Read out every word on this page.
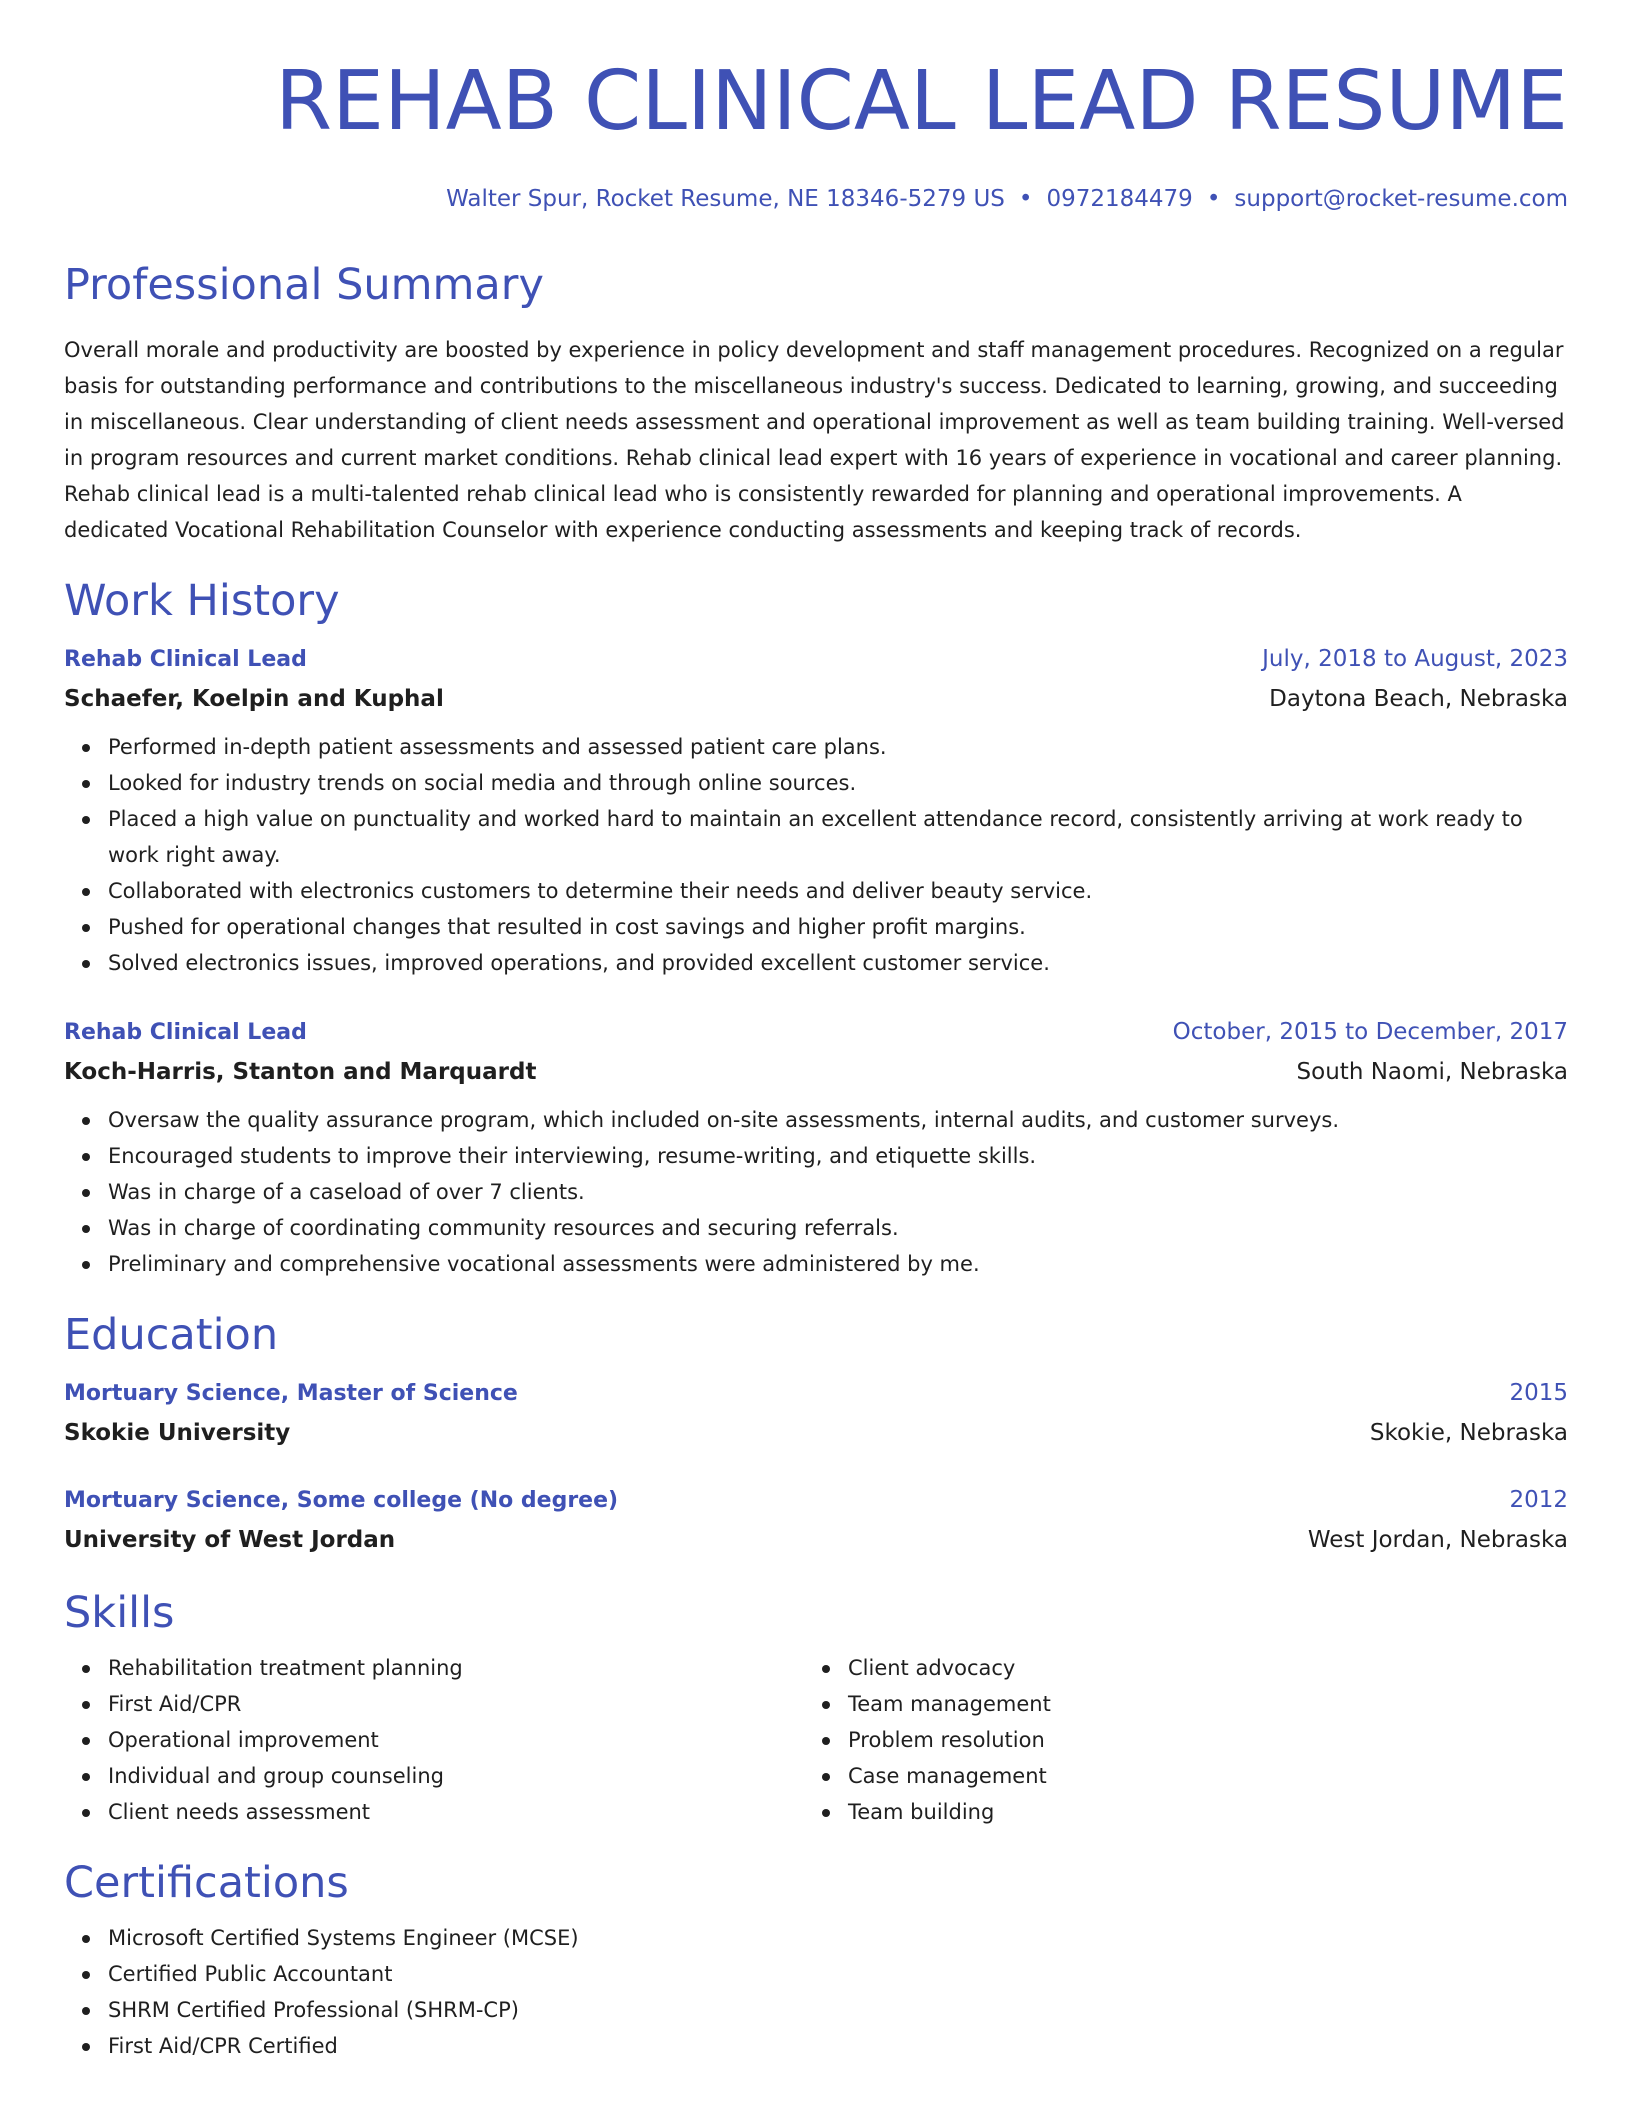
REHAB CLINICAL LEAD RESUME
Walter Spur, Rocket Resume, NE 18346-5279 US • 0972184479 • support@rocket-resume.com
Professional Summary
Overall morale and productivity are boosted by experience in policy development and staff management procedures. Recognized on a regular basis for outstanding performance and contributions to the miscellaneous industry's success. Dedicated to learning, growing, and succeeding in miscellaneous. Clear understanding of client needs assessment and operational improvement as well as team building training. Well-versed in program resources and current market conditions. Rehab clinical lead expert with 16 years of experience in vocational and career planning. Rehab clinical lead is a multi-talented rehab clinical lead who is consistently rewarded for planning and operational improvements. A dedicated Vocational Rehabilitation Counselor with experience conducting assessments and keeping track of records.
Work History
Rehab Clinical Lead	July, 2018 to August, 2023
Schaefer, Koelpin and Kuphal	Daytona Beach, Nebraska
Performed in-depth patient assessments and assessed patient care plans.
Looked for industry trends on social media and through online sources.
Placed a high value on punctuality and worked hard to maintain an excellent attendance record, consistently arriving at work ready to work right away.
Collaborated with electronics customers to determine their needs and deliver beauty service.
Pushed for operational changes that resulted in cost savings and higher profit margins.
Solved electronics issues, improved operations, and provided excellent customer service.
Rehab Clinical Lead	October, 2015 to December, 2017
Koch-Harris, Stanton and Marquardt	South Naomi, Nebraska
Oversaw the quality assurance program, which included on-site assessments, internal audits, and customer surveys.
Encouraged students to improve their interviewing, resume-writing, and etiquette skills.
Was in charge of a caseload of over 7 clients.
Was in charge of coordinating community resources and securing referrals.
Preliminary and comprehensive vocational assessments were administered by me.
Education
Mortuary Science, Master of Science	2015
Skokie University	Skokie, Nebraska
Mortuary Science, Some college (No degree)	2012
University of West Jordan	West Jordan, Nebraska
Skills
Rehabilitation treatment planning
First Aid/CPR
Operational improvement
Individual and group counseling
Client needs assessment
Client advocacy
Team management
Problem resolution
Case management
Team building
Certifications
Microsoft Certified Systems Engineer (MCSE)
Certified Public Accountant
SHRM Certified Professional (SHRM-CP)
First Aid/CPR Certified
